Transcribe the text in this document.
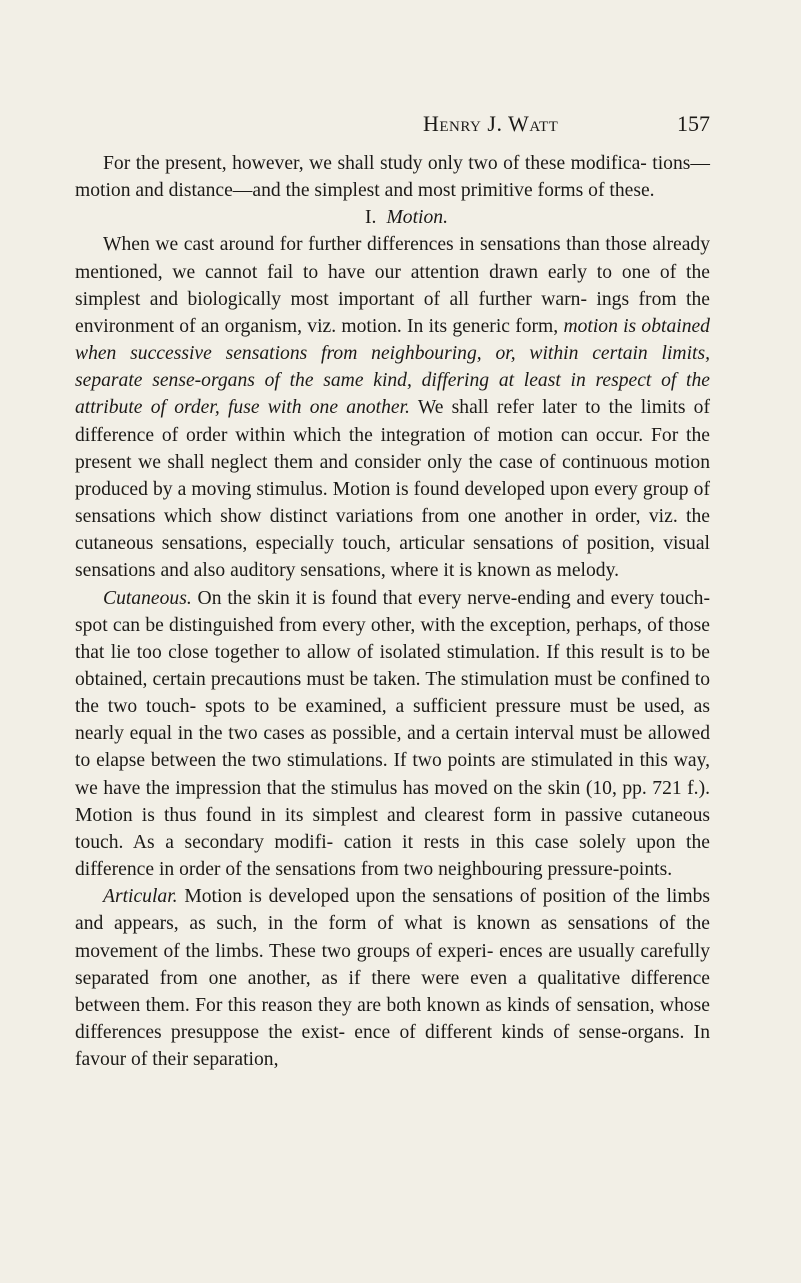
Henry J. Watt	157

For the present, however, we shall study only two of these modifica- tions—motion and distance—and the simplest and most primitive forms of these.

I. Motion.

When we cast around for further differences in sensations than those already mentioned, we cannot fail to have our attention drawn early to one of the simplest and biologically most important of all further warn- ings from the environment of an organism, viz. motion. In its generic form, motion is obtained when successive sensations from neighbouring, or, within certain limits, separate sense-organs of the same kind, differing at least in respect of the attribute of order, fuse with one another. We shall refer later to the limits of difference of order within which the integration of motion can occur. For the present we shall neglect them and consider only the case of continuous motion produced by a moving stimulus. Motion is found developed upon every group of sensations which show distinct variations from one another in order, viz. the cutaneous sensations, especially touch, articular sensations of position, visual sensations and also auditory sensations, where it is known as melody.

Cutaneous. On the skin it is found that every nerve-ending and every touch-spot can be distinguished from every other, with the exception, perhaps, of those that lie too close together to allow of isolated stimulation. If this result is to be obtained, certain precautions must be taken. The stimulation must be confined to the two touch- spots to be examined, a sufficient pressure must be used, as nearly equal in the two cases as possible, and a certain interval must be allowed to elapse between the two stimulations. If two points are stimulated in this way, we have the impression that the stimulus has moved on the skin (10, pp. 721 f.). Motion is thus found in its simplest and clearest form in passive cutaneous touch. As a secondary modifi- cation it rests in this case solely upon the difference in order of the sensations from two neighbouring pressure-points.

Articular. Motion is developed upon the sensations of position of the limbs and appears, as such, in the form of what is known as sensations of the movement of the limbs. These two groups of experi- ences are usually carefully separated from one another, as if there were even a qualitative difference between them. For this reason they are both known as kinds of sensation, whose differences presuppose the exist- ence of different kinds of sense-organs. In favour of their separation,
